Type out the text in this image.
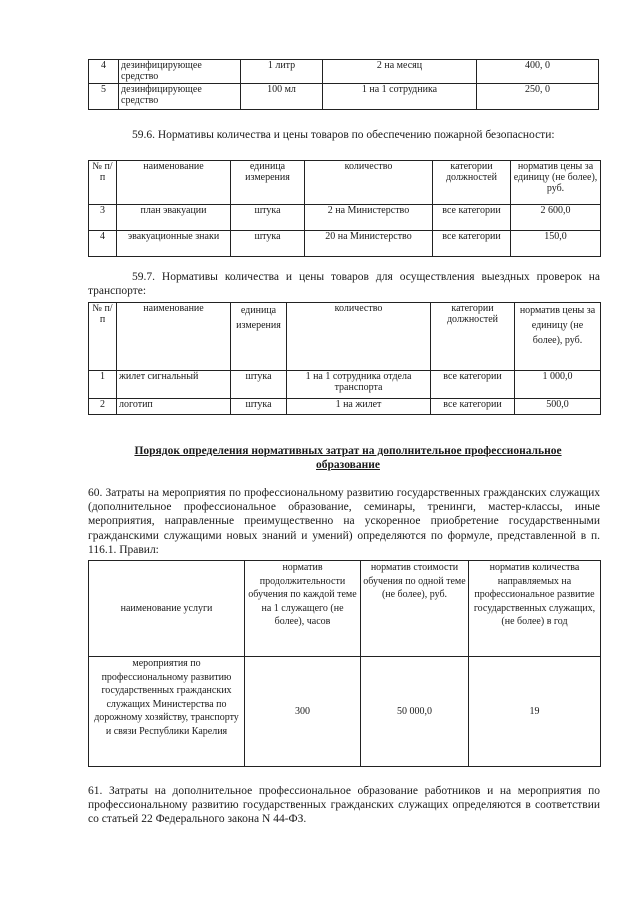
4	дезинфицирующее средство	1 литр	2 на месяц	400, 0
5	дезинфицирующее средство	100 мл	1 на 1 сотрудника	250, 0

59.6. Нормативы количества и цены товаров по обеспечению пожарной безопасности:

№ п/п	наименование	единица измерения	количество	категории должностей	норматив цены за единицу (не более), руб.
3	план эвакуации	штука	2 на Министерство	все категории	2 600,0
4	эвакуационные знаки	штука	20 на Министерство	все категории	150,0

59.7. Нормативы количества и цены товаров для осуществления выездных проверок на транспорте:

№ п/п	наименование	единица измерения	количество	категории должностей	норматив цены за единицу (не более), руб.
1	жилет сигнальный	штука	1 на 1 сотрудника отдела транспорта	все категории	1 000,0
2	логотип	штука	1 на жилет	все категории	500,0
Порядок определения нормативных затрат на дополнительное профессиональное образование

60. Затраты на мероприятия по профессиональному развитию государственных гражданских служащих (дополнительное профессиональное образование, семинары, тренинги, мастер-классы, иные мероприятия, направленные преимущественно на ускоренное приобретение государственными гражданскими служащими новых знаний и умений) определяются по формуле, представленной в п. 116.1. Правил:

наименование услуги	норматив продолжительности обучения по каждой теме на 1 служащего (не более), часов	норматив стоимости обучения по одной теме (не более), руб.	норматив количества направляемых на профессиональное развитие государственных служащих, (не более) в год
мероприятия по профессиональному развитию государственных гражданских служащих Министерства по дорожному хозяйству, транспорту и связи Республики Карелия	300	50 000,0	19

61. Затраты на дополнительное профессиональное образование работников и на мероприятия по профессиональному развитию государственных гражданских служащих определяются в соответствии со статьей 22 Федерального закона N 44-ФЗ.
